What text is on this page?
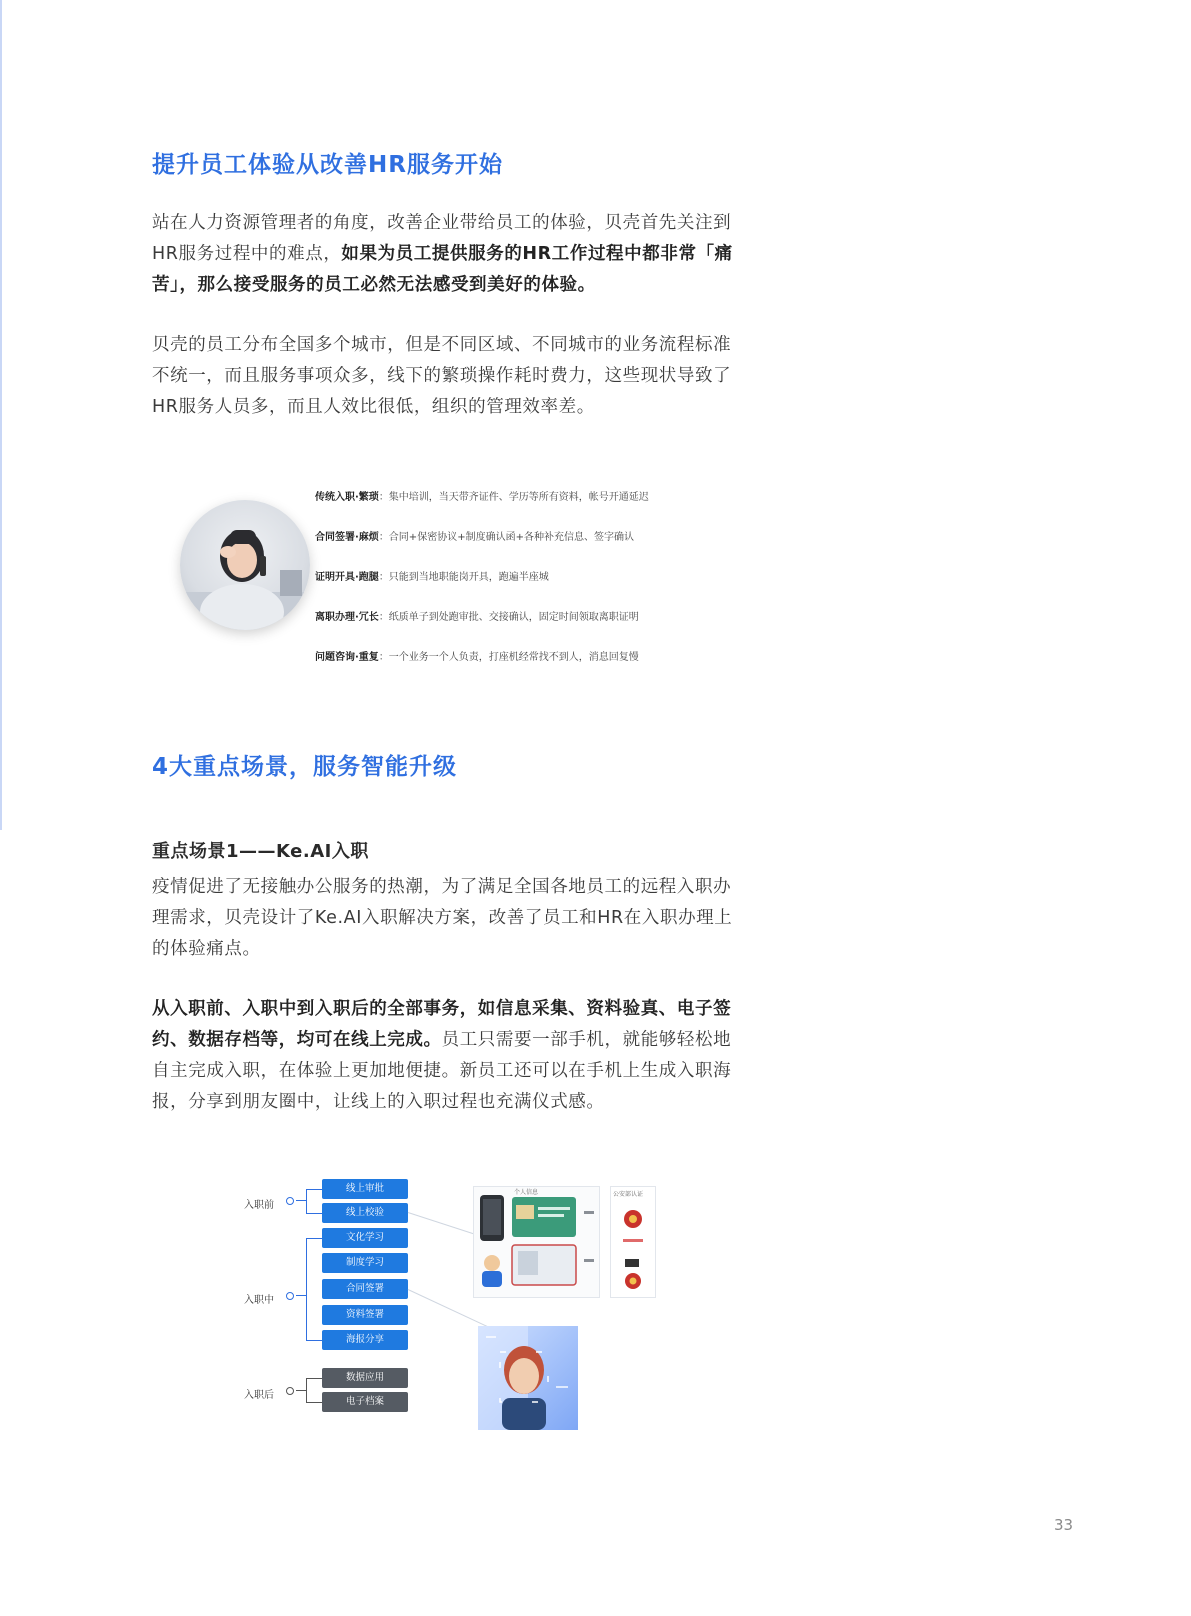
提升员工体验从改善HR服务开始

站在人力资源管理者的角度，改善企业带给员工的体验，贝壳首先关注到
HR服务过程中的难点，如果为员工提供服务的HR工作过程中都非常「痛
苦」，那么接受服务的员工必然无法感受到美好的体验。

贝壳的员工分布全国多个城市，但是不同区域、不同城市的业务流程标准
不统一，而且服务事项众多，线下的繁琐操作耗时费力，这些现状导致了
HR服务人员多，而且人效比很低，组织的管理效率差。

传统入职·繁琐：集中培训，当天带齐证件、学历等所有资料，帐号开通延迟
合同签署·麻烦：合同+保密协议+制度确认函+各种补充信息、签字确认
证明开具·跑腿：只能到当地职能岗开具，跑遍半座城
离职办理·冗长：纸质单子到处跑审批、交接确认，固定时间领取离职证明
问题咨询·重复：一个业务一个人负责，打座机经常找不到人，消息回复慢
4大重点场景，服务智能升级
重点场景1——Ke.AI入职

疫情促进了无接触办公服务的热潮，为了满足全国各地员工的远程入职办
理需求，贝壳设计了Ke.AI入职解决方案，改善了员工和HR在入职办理上
的体验痛点。

从入职前、入职中到入职后的全部事务，如信息采集、资料验真、电子签
约、数据存档等，均可在线上完成。员工只需要一部手机，就能够轻松地
自主完成入职，在体验上更加地便捷。新员工还可以在手机上生成入职海
报，分享到朋友圈中，让线上的入职过程也充满仪式感。

入职前
入职中
入职后
线上审批
线上校验
文化学习
制度学习
合同签署
资料签署
海报分享
数据应用
电子档案
个人信息	公安部认证
33
